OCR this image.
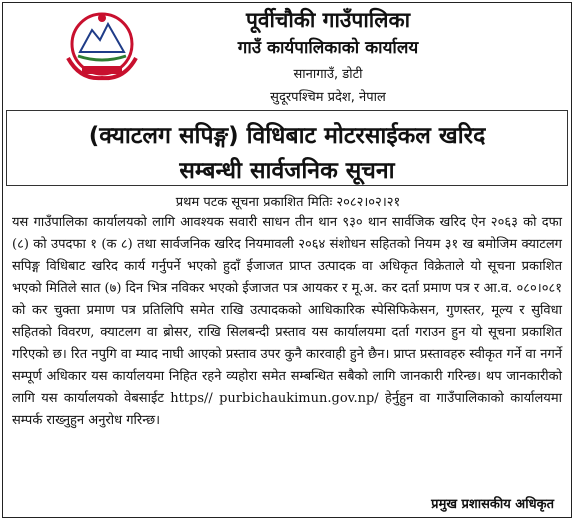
पूर्वीचौकी गाउँपालिका
गाउँ कार्यपालिकाको कार्यालय
सानागाउँ, डोटी
सुदूरपश्चिम प्रदेश, नेपाल
(क्याटलग सपिङ्ग) विधिबाट मोटरसाईकल खरिद
सम्बन्धी सार्वजनिक सूचना
प्रथम पटक सूचना प्रकाशित मितिः २०८२।०२।२१
यस गाउँपालिका कार्यालयको लागि आवश्यक सवारी साधन तीन थान ९३० थान सार्वजिक खरिद ऐन २०६३ को दफा (८) को उपदफा १ (क ८) तथा सार्वजनिक खरिद नियमावली २०६४ संशोधन सहितको नियम ३१ ख बमोजिम क्याटलग सपिङ्ग विधिबाट खरिद कार्य गर्नुपर्ने भएको हुदाँ ईजाजत प्राप्त उत्पादक वा अधिकृत विक्रेताले यो सूचना प्रकाशित भएको मितिले सात (७) दिन भित्र नविकर भएको ईजाजत पत्र आयकर र मू.अ. कर दर्ता प्रमाण पत्र र आ.व. ०८०।०८१ को कर चुक्ता प्रमाण पत्र प्रतिलिपि समेत राखि उत्पादकको आधिकारिक स्पेसिफिकेसन, गुणस्तर, मूल्य र सुविधा सहितको विवरण, क्याटलग वा ब्रोसर, राखि सिलबन्दी प्रस्ताव यस कार्यालयमा दर्ता गराउन हुन यो सूचना प्रकाशित गरिएको छ। रित नपुगि वा म्याद नाघी आएको प्रस्ताव उपर कुनै कारवाही हुने छैन। प्राप्त प्रस्तावहरु स्वीकृत गर्ने वा नगर्ने सम्पूर्ण अधिकार यस कार्यालयमा निहित रहने व्यहोरा समेत सम्बन्धित सबैको लागि जानकारी गरिन्छ। थप जानकारीको लागि यस कार्यालयको वेबसाईट https// purbichaukimun.gov.np/ हेर्नुहुन वा गाउँपालिकाको कार्यालयमा सम्पर्क राख्नुहुन अनुरोध गरिन्छ।
प्रमुख प्रशासकीय अधिकृत
